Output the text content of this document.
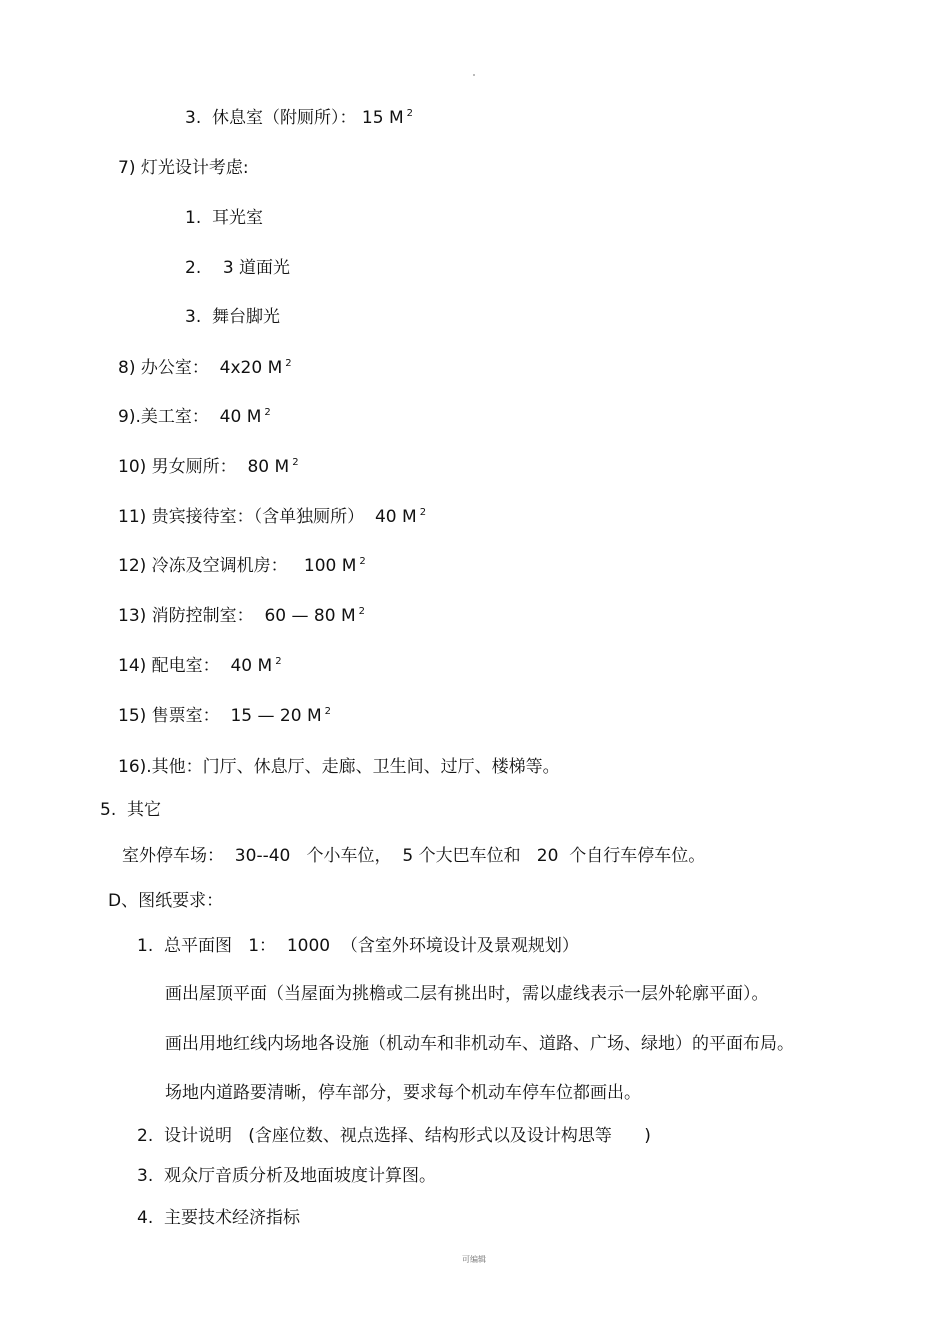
3.  休息室（附厕所）： 15 M $^2$
7) 灯光设计考虑:
1.  耳光室
2.    3 道面光
3.  舞台脚光
8) 办公室：  4x20 M $^2$
9).美工室：  40 M $^2$
10) 男女厕所：  80 M $^2$
11) 贵宾接待室：（含单独厕所）  40 M $^2$
12) 冷冻及空调机房：   100 M $^2$
13) 消防控制室：  60 — 80 M $^2$
14) 配电室：  40 M $^2$
15) 售票室：  15 — 20 M $^2$
16).其他：门厅、休息厅、走廊、卫生间、过厅、楼梯等。
5.  其它
室外停车场：  30--40   个小车位，  5 个大巴车位和   20  个自行车停车位。
D、图纸要求：
1.  总平面图   1：  1000  （含室外环境设计及景观规划）
画出屋顶平面（当屋面为挑檐或二层有挑出时，需以虚线表示一层外轮廓平面）。
画出用地红线内场地各设施（机动车和非机动车、道路、广场、绿地）的平面布局。
场地内道路要清晰，停车部分，要求每个机动车停车位都画出。
2.  设计说明   (含座位数、视点选择、结构形式以及设计构思等      )
3.  观众厅音质分析及地面坡度计算图。
4.  主要技术经济指标
可编辑
